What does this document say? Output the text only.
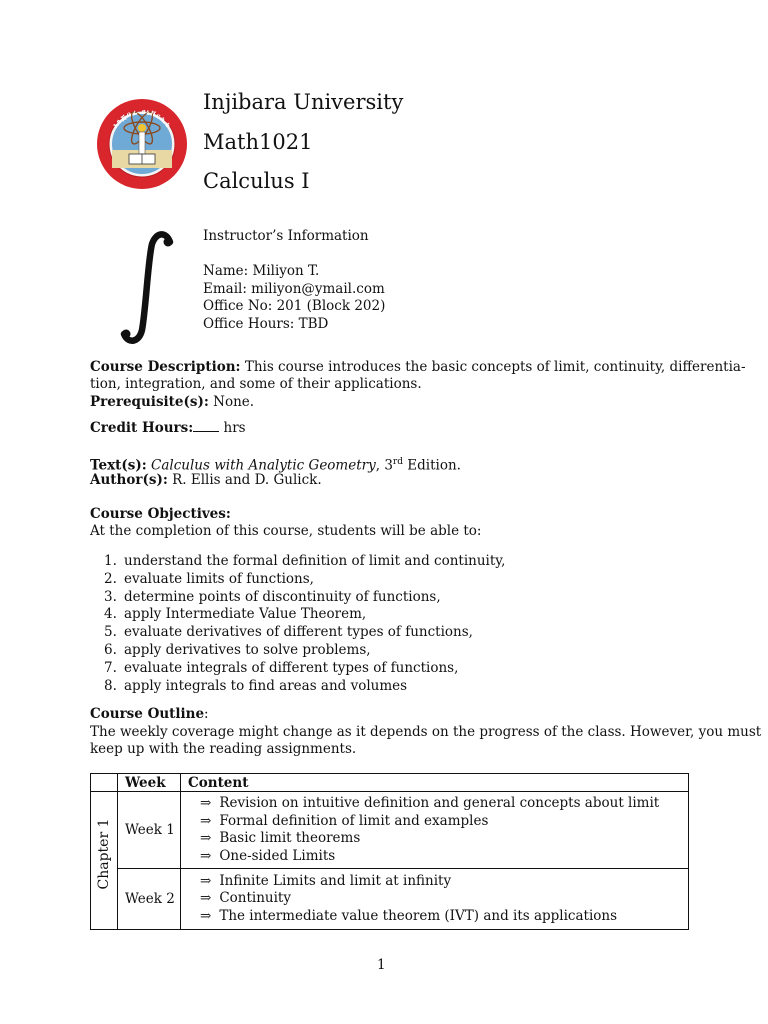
እንጅባራ ዩኒቨርሲቲ
Injibara University
Math1021
Calculus I
Instructor’s Information
Name: Miliyon T.
Email: miliyon@ymail.com
Office No: 201 (Block 202)
Office Hours: TBD
Course Description: This course introduces the basic concepts of limit, continuity, differentia-
tion, integration, and some of their applications.
Prerequisite(s): None.
Credit Hours: hrs
Text(s): Calculus with Analytic Geometry, 3rd Edition.
Author(s): R. Ellis and D. Gulick.
Course Objectives:
At the completion of this course, students will be able to:
1. understand the formal definition of limit and continuity,
2. evaluate limits of functions,
3. determine points of discontinuity of functions,
4. apply Intermediate Value Theorem,
5. evaluate derivatives of different types of functions,
6. apply derivatives to solve problems,
7. evaluate integrals of different types of functions,
8. apply integrals to find areas and volumes
Course Outline:
The weekly coverage might change as it depends on the progress of the class. However, you must
keep up with the reading assignments.
	Week	Content

Chapter 1	Week 1	⇒ Revision on intuitive definition and general concepts about limit
⇒ Formal definition of limit and examples
⇒ Basic limit theorems
⇒ One-sided Limits

	Week 2	⇒ Infinite Limits and limit at infinity
⇒ Continuity
⇒ The intermediate value theorem (IVT) and its applications
1
